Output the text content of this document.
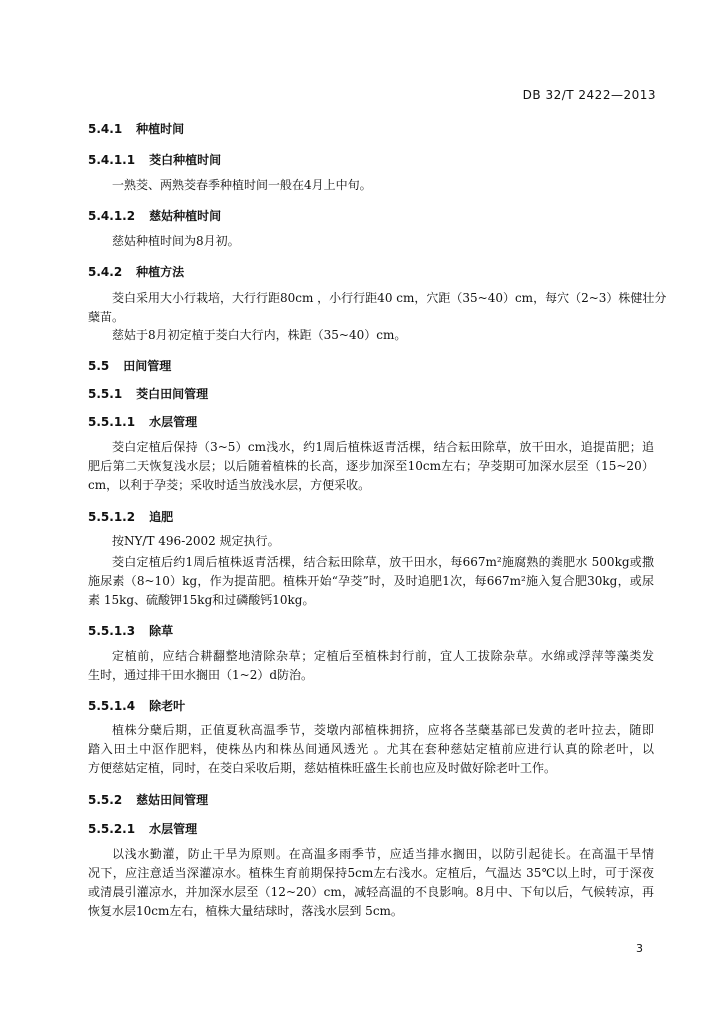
DB 32/T 2422—2013
5.4.1 种植时间
5.4.1.1 茭白种植时间
一熟茭、两熟茭春季种植时间一般在4月上中旬。
5.4.1.2 慈姑种植时间
慈姑种植时间为8月初。
5.4.2 种植方法
茭白采用大小行栽培，大行行距80cm ，小行行距40 cm，穴距（35~40）cm，每穴（2~3）株健壮分
蘖苗。
慈姑于8月初定植于茭白大行内，株距（35~40）cm。
5.5 田间管理
5.5.1 茭白田间管理
5.5.1.1 水层管理
茭白定植后保持（3~5）cm浅水，约1周后植株返青活棵，结合耘田除草，放干田水，追提苗肥；追
肥后第二天恢复浅水层；以后随着植株的长高，逐步加深至10cm左右；孕茭期可加深水层至（15~20）
cm，以利于孕茭；采收时适当放浅水层，方便采收。
5.5.1.2 追肥
按NY/T 496-2002 规定执行。
茭白定植后约1周后植株返青活棵，结合耘田除草，放干田水，每667m²施腐熟的粪肥水 500kg或撒
施尿素（8~10）kg，作为提苗肥。植株开始“孕茭”时，及时追肥1次，每667m²施入复合肥30kg，或尿
素 15kg、硫酸钾15kg和过磷酸钙10kg。
5.5.1.3 除草
定植前，应结合耕翻整地清除杂草；定植后至植株封行前，宜人工拔除杂草。水绵或浮萍等藻类发
生时，通过排干田水搁田（1~2）d防治。
5.5.1.4 除老叶
植株分蘖后期，正值夏秋高温季节，茭墩内部植株拥挤，应将各茎蘖基部已发黄的老叶拉去，随即
踏入田土中沤作肥料，使株丛内和株丛间通风透光 。尤其在套种慈姑定植前应进行认真的除老叶，以
方便慈姑定植，同时，在茭白采收后期，慈姑植株旺盛生长前也应及时做好除老叶工作。
5.5.2 慈姑田间管理
5.5.2.1 水层管理
以浅水勤灌，防止干旱为原则。在高温多雨季节，应适当排水搁田，以防引起徒长。在高温干旱情
况下，应注意适当深灌凉水。植株生育前期保持5cm左右浅水。定植后，气温达 35℃以上时，可于深夜
或清晨引灌凉水，并加深水层至（12~20）cm，减轻高温的不良影响。8月中、下旬以后，气候转凉，再
恢复水层10cm左右，植株大量结球时，落浅水层到 5cm。
3
